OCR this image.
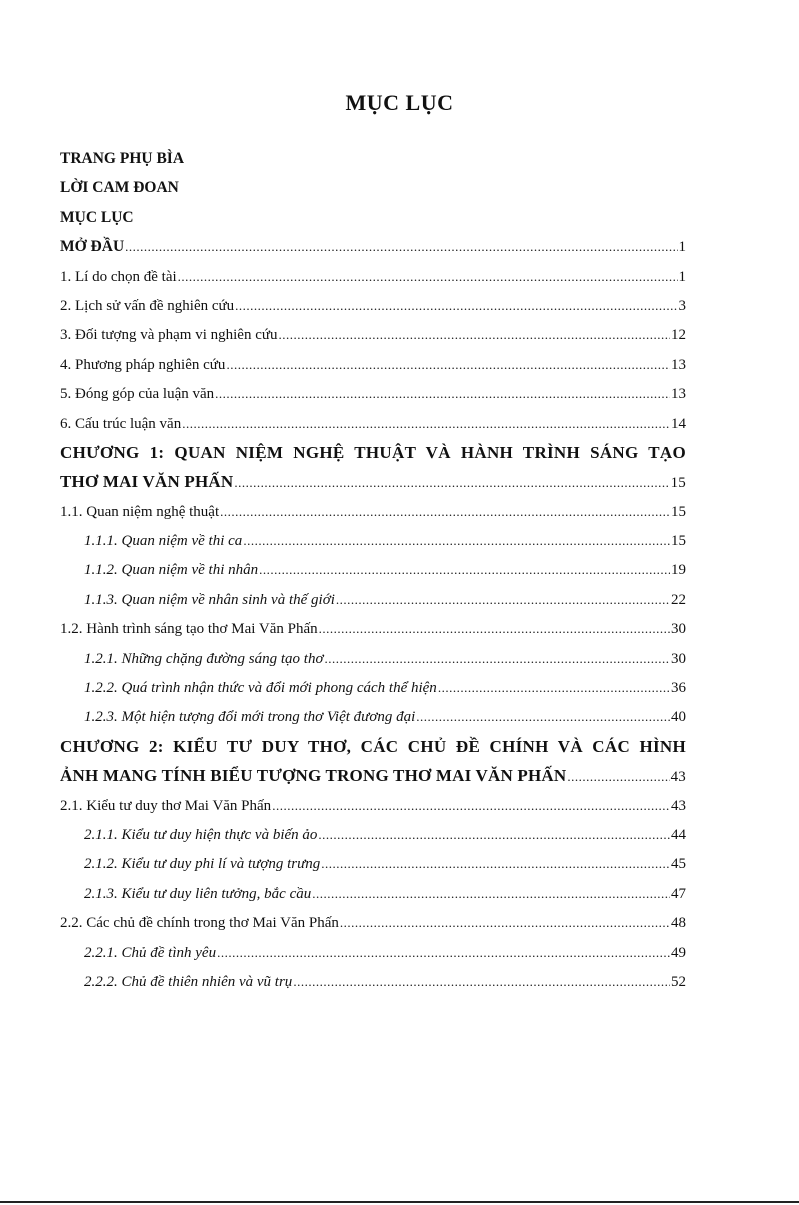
MỤC LỤC
TRANG PHỤ BÌA
LỜI CAM ĐOAN
MỤC LỤC
MỞ ĐẦU .....	1
1. Lí do chọn đề tài .....	1
2. Lịch sử vấn đề nghiên cứu .....	3
3. Đối tượng và phạm vi nghiên cứu .....	12
4. Phương pháp nghiên cứu .....	13
5. Đóng góp của luận văn .....	13
6. Cấu trúc luận văn .....	14
CHƯƠNG 1: QUAN NIỆM NGHỆ THUẬT VÀ HÀNH TRÌNH SÁNG TẠO
THƠ MAI VĂN PHẤN .....	15
1.1. Quan niệm nghệ thuật .....	15
1.1.1. Quan niệm về thi ca .....	15
1.1.2. Quan niệm về thi nhân .....	19
1.1.3. Quan niệm về nhân sinh và thế giới .....	22
1.2. Hành trình sáng tạo thơ Mai Văn Phấn .....	30
1.2.1. Những chặng đường sáng tạo thơ .....	30
1.2.2. Quá trình nhận thức và đổi mới phong cách thể hiện .....	36
1.2.3. Một hiện tượng đổi mới trong thơ Việt đương đại .....	40
CHƯƠNG 2: KIỂU TƯ DUY THƠ, CÁC CHỦ ĐỀ CHÍNH VÀ CÁC HÌNH
ẢNH MANG TÍNH BIỂU TƯỢNG TRONG THƠ MAI VĂN PHẤN .....	43
2.1. Kiểu tư duy thơ Mai Văn Phấn .....	43
2.1.1. Kiểu tư duy hiện thực và biến ảo .....	44
2.1.2. Kiểu tư duy phi lí và tượng trưng .....	45
2.1.3. Kiểu tư duy liên tưởng, bắc cầu .....	47
2.2. Các chủ đề chính trong thơ Mai Văn Phấn .....	48
2.2.1. Chủ đề tình yêu .....	49
2.2.2. Chủ đề thiên nhiên và vũ trụ .....	52
